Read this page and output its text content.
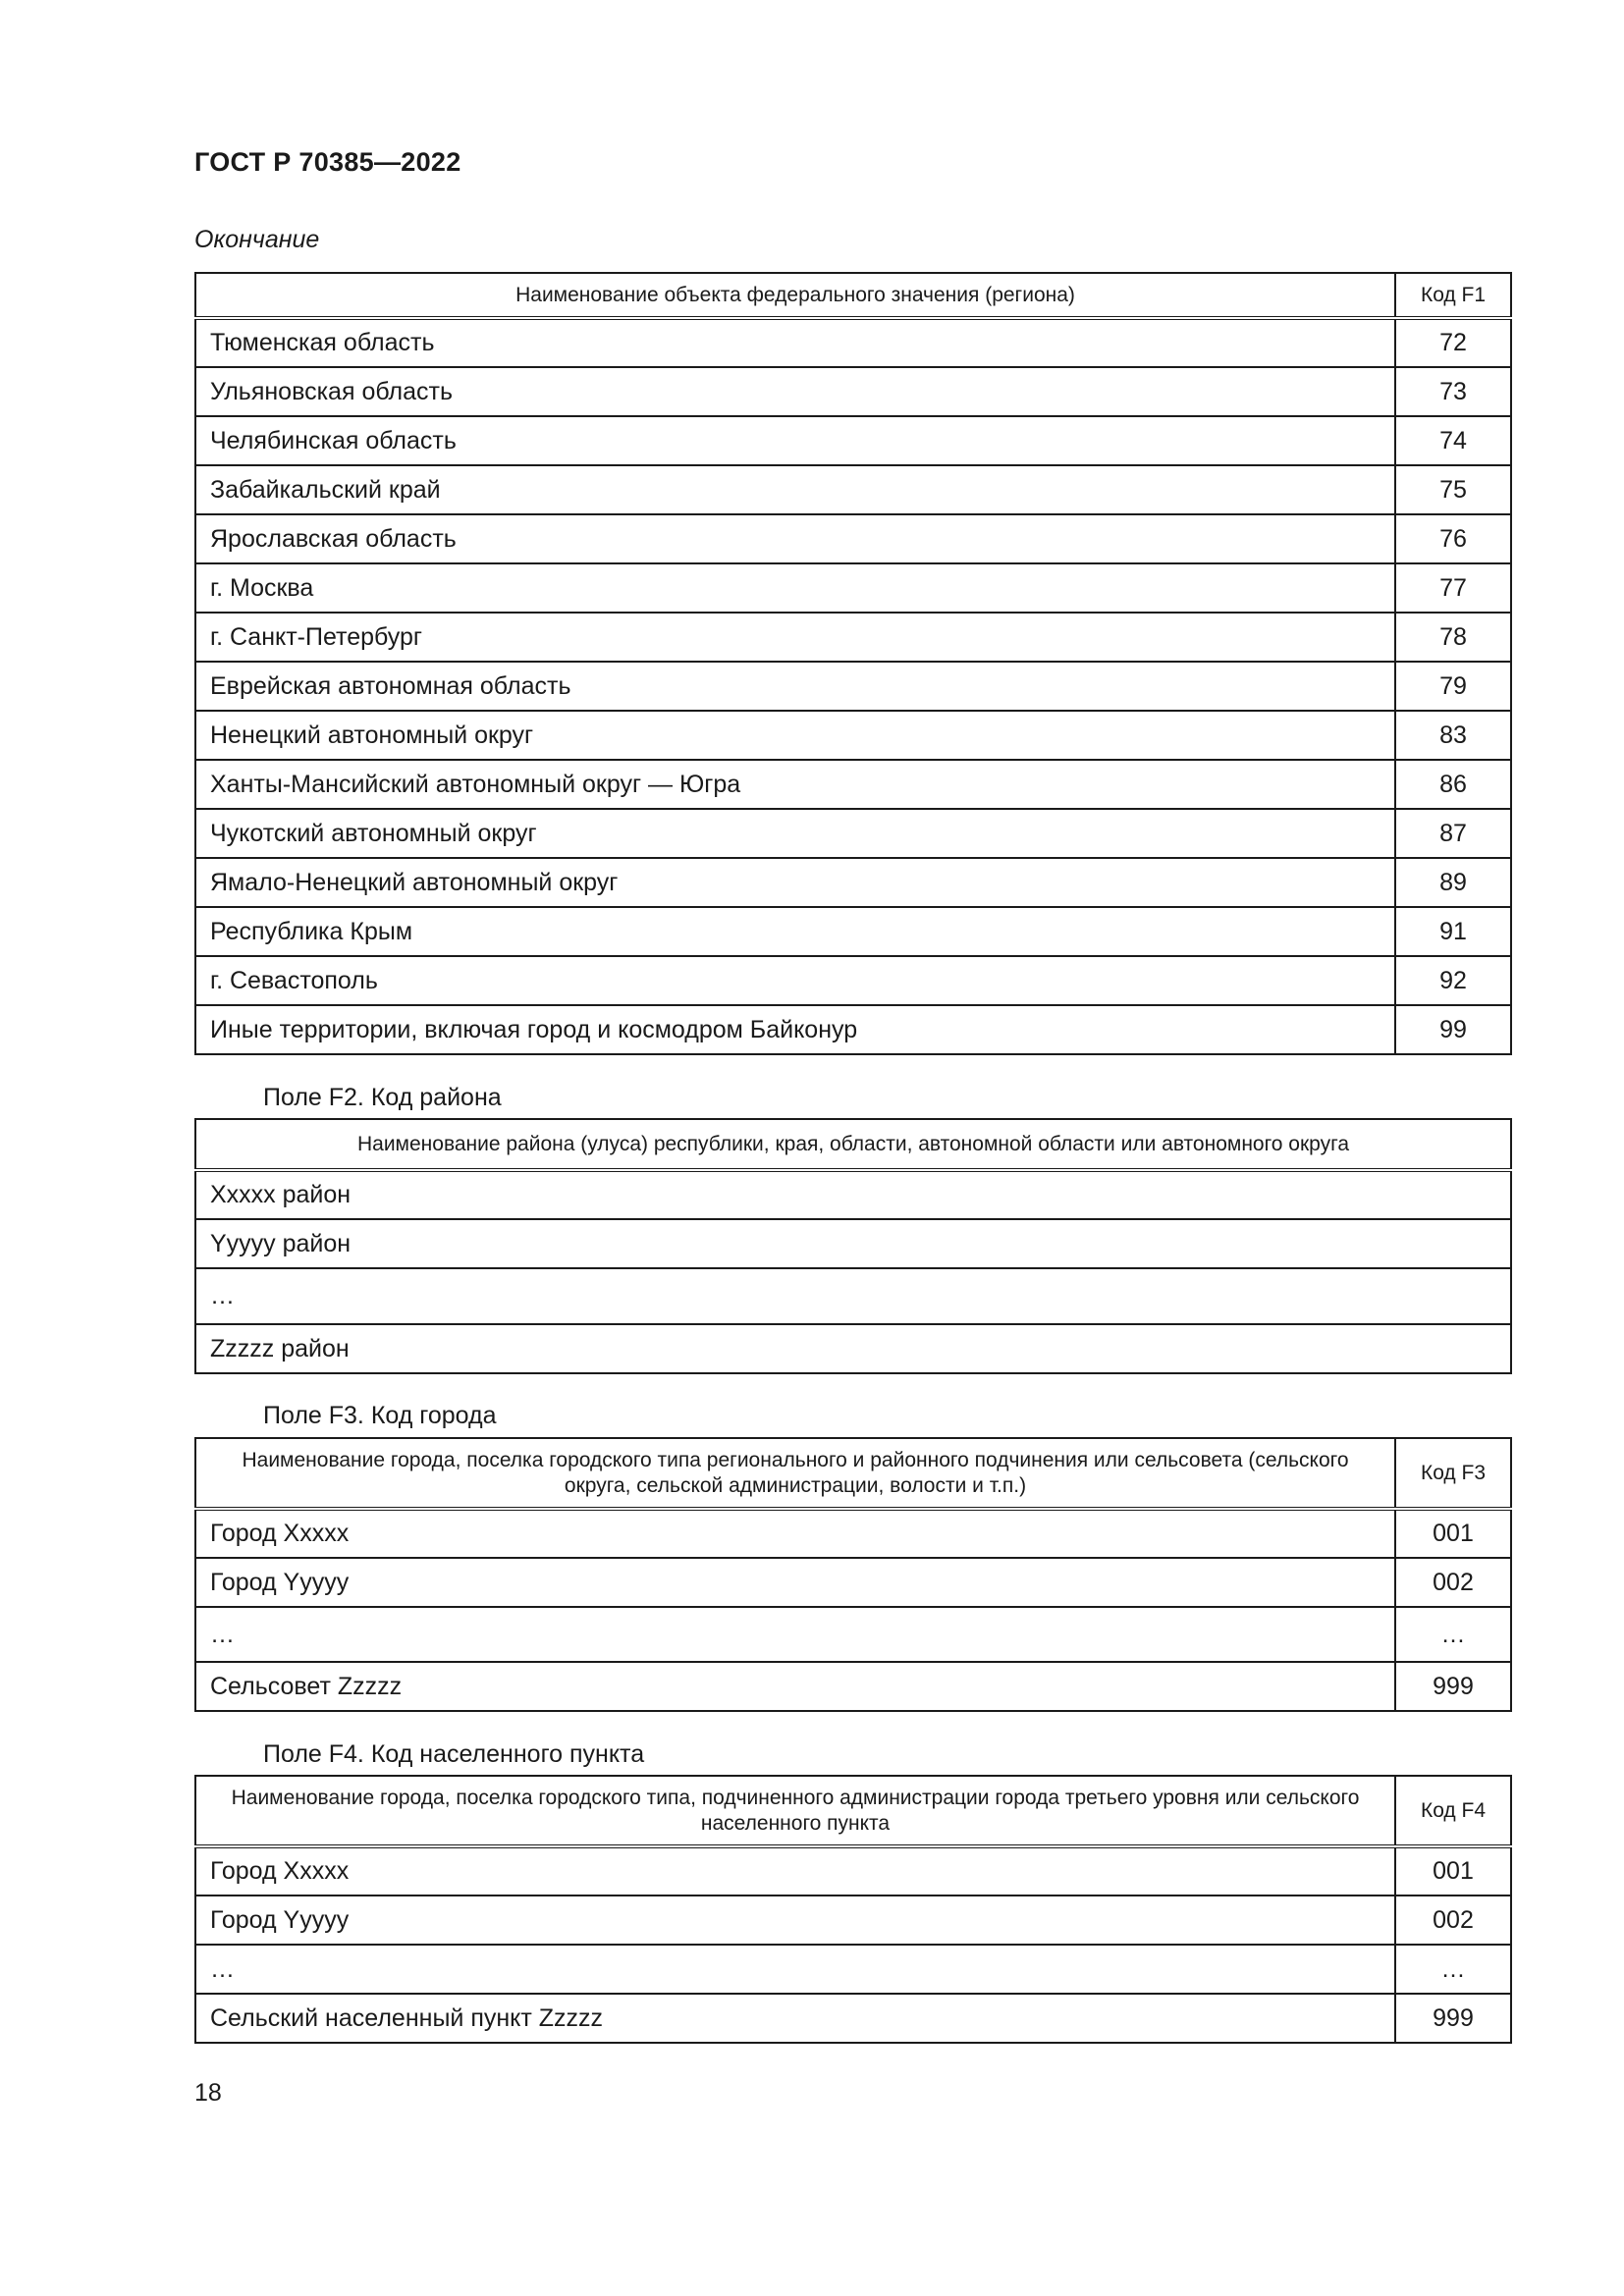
ГОСТ Р 70385—2022
Окончание
Наименование объекта федерального значения (региона)	Код F1
Тюменская область	72
Ульяновская область	73
Челябинская область	74
Забайкальский край	75
Ярославская область	76
г. Москва	77
г. Санкт-Петербург	78
Еврейская автономная область	79
Ненецкий автономный округ	83
Ханты-Мансийский автономный округ — Югра	86
Чукотский автономный округ	87
Ямало-Ненецкий автономный округ	89
Республика Крым	91
г. Севастополь	92
Иные территории, включая город и космодром Байконур	99
Поле F2. Код района
Наименование района (улуса) республики, края, области, автономной области или автономного округа
Xxxxx район
Yyyyy район
…
Zzzzz район
Поле F3. Код города
Наименование города, поселка городского типа регионального и районного подчинения или сельсовета (сельского округа, сельской администрации, волости и т.п.)	Код F3
Город Xxxxx	001
Город Yyyyy	002
…	…
Сельсовет Zzzzz	999
Поле F4. Код населенного пункта
Наименование города, поселка городского типа, подчиненного администрации города третьего уровня или сельского населенного пункта	Код F4
Город Xxxxx	001
Город Yyyyy	002
…	…
Сельский населенный пункт Zzzzz	999
18
